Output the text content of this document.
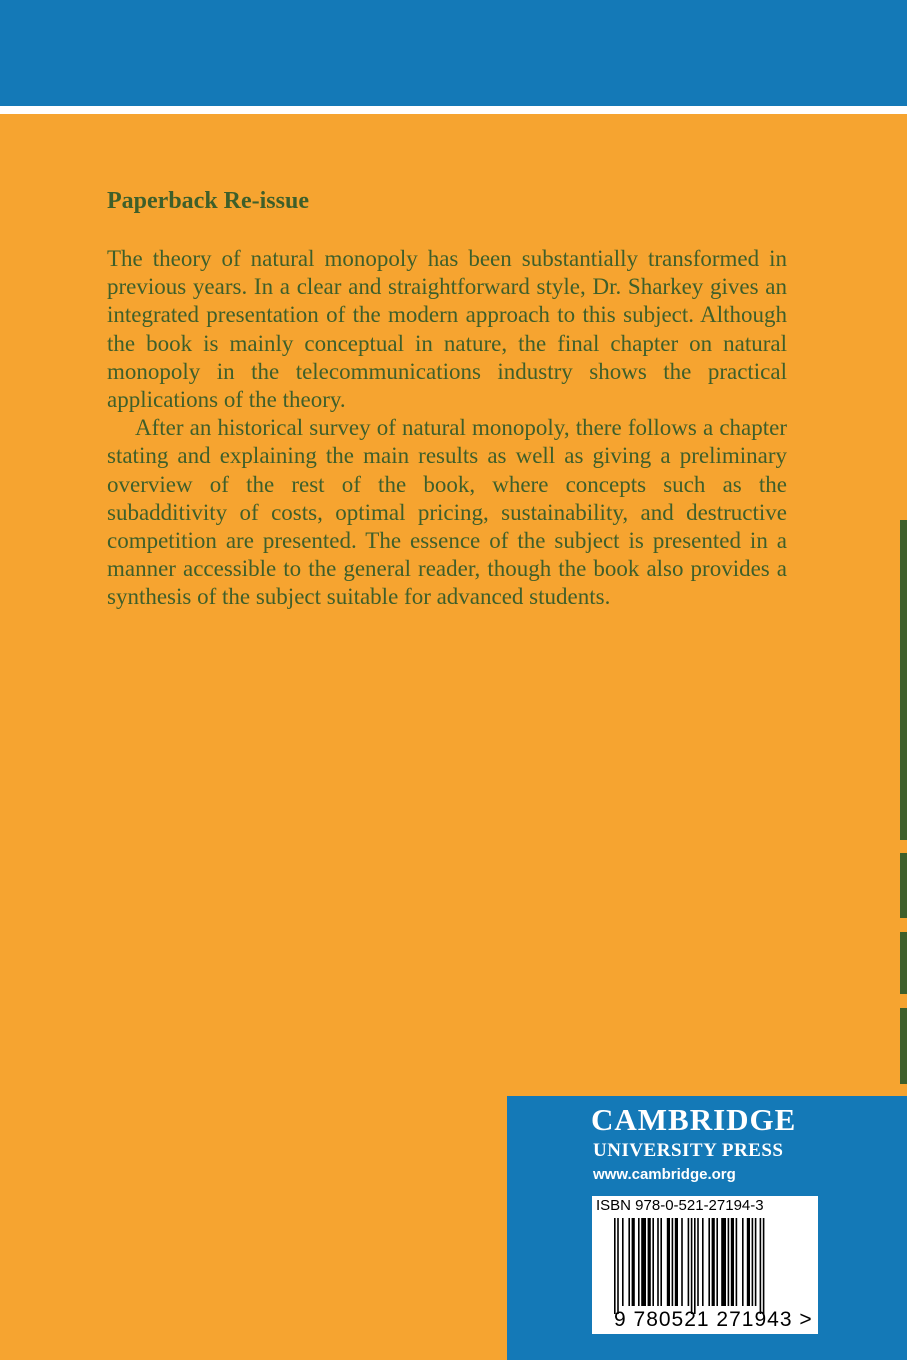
Paperback Re-issue

The theory of natural monopoly has been substantially transformed in previous years. In a clear and straightforward style, Dr. Sharkey gives an integrated presentation of the modern approach to this subject. Although the book is mainly conceptual in nature, the final chapter on natural monopoly in the telecommunications industry shows the practical applications of the theory.

After an historical survey of natural monopoly, there follows a chapter stating and explaining the main results as well as giving a preliminary overview of the rest of the book, where concepts such as the subadditivity of costs, optimal pricing, sustainability, and destructive competition are presented. The essence of the subject is presented in a manner accessible to the general reader, though the book also provides a synthesis of the subject suitable for advanced students.

CAMBRIDGE

UNIVERSITY PRESS

www.cambridge.org

ISBN 978-0-521-27194-3

9 780521 271943 >
